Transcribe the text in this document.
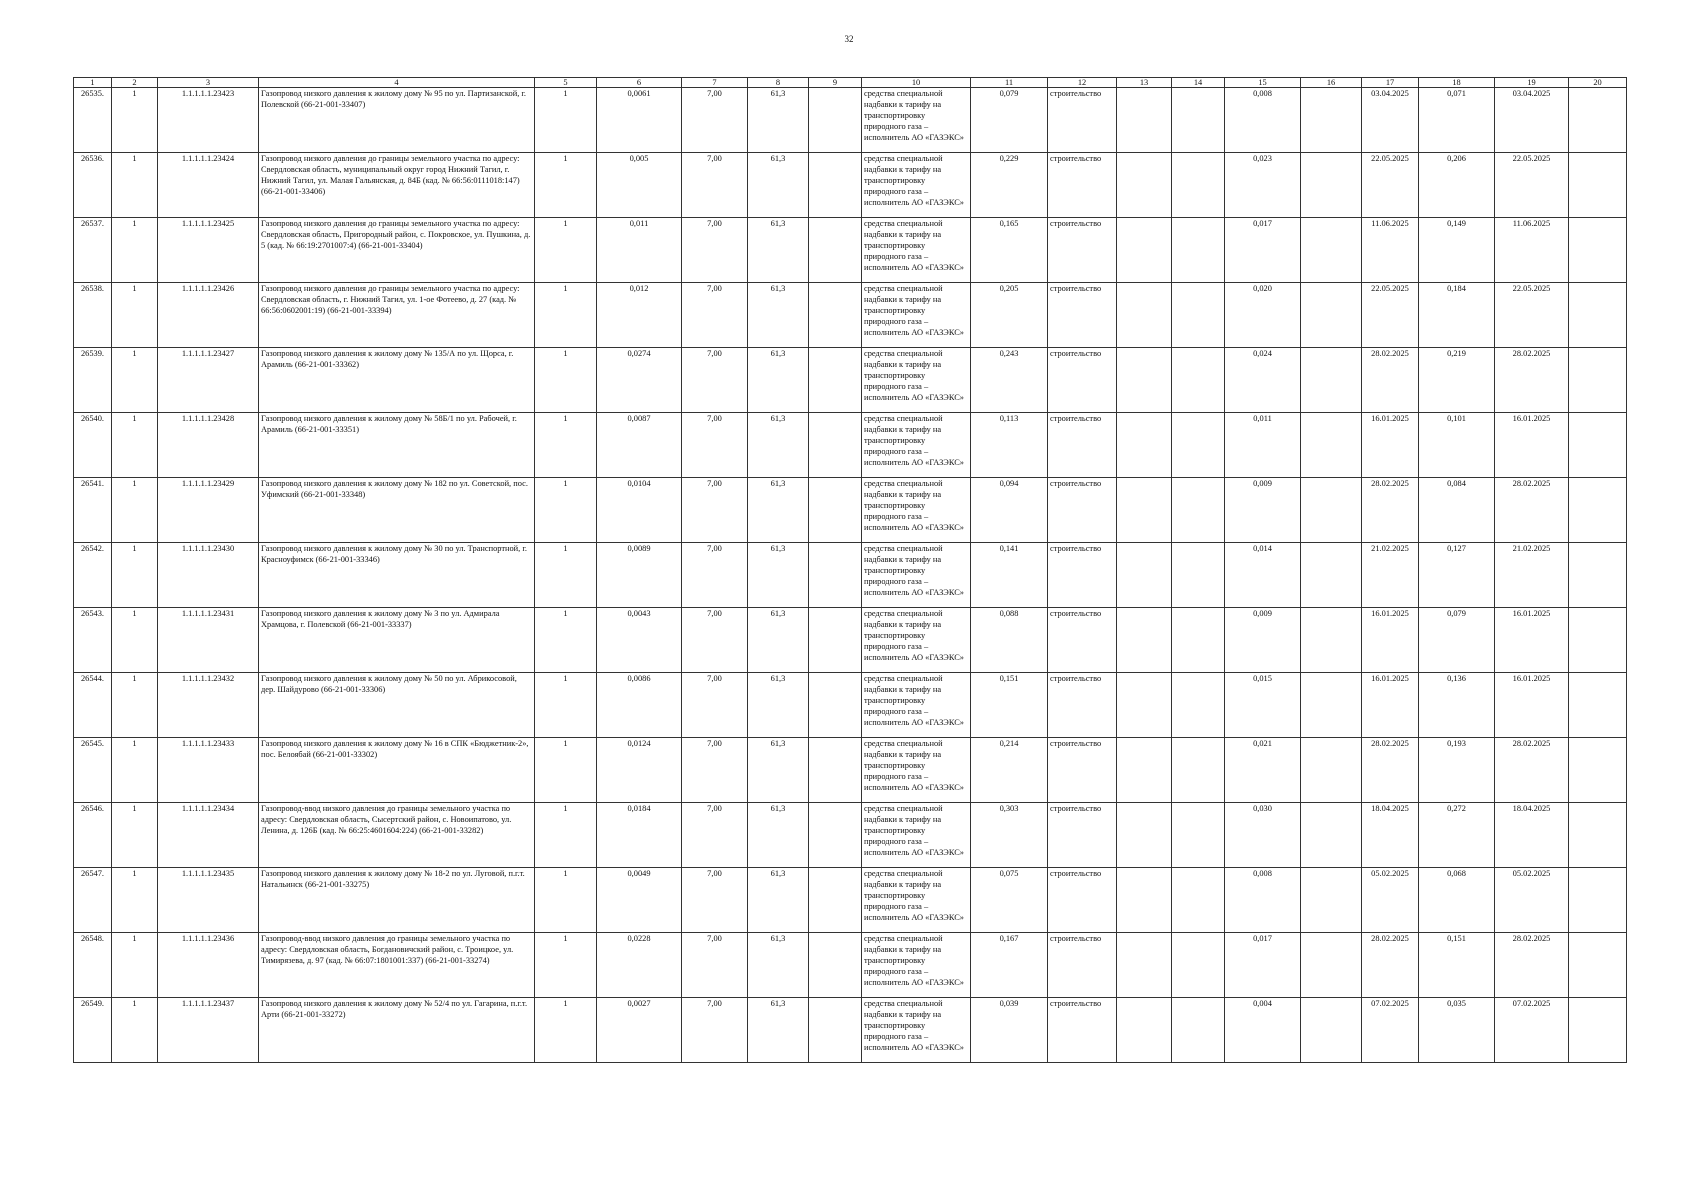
32
1	2	3	4	5	6	7	8	9	10	11	12	13	14	15	16	17	18	19	20
26535.	1	1.1.1.1.1.23423	Газопровод низкого давления к жилому дому № 95 по ул. Партизанской, г. Полевской (66-21-001-33407)	1	0,0061	7,00	61,3		средства специальной надбавки к тарифу на транспортировку природного газа – исполнитель АО «ГАЗЭКС»	0,079	строительство			0,008		03.04.2025	0,071	03.04.2025	
26536.	1	1.1.1.1.1.23424	Газопровод низкого давления до границы земельного участка по адресу: Свердловская область, муниципальный округ город Нижний Тагил, г. Нижний Тагил, ул. Малая Гальянская, д. 84Б (кад. № 66:56:0111018:147) (66-21-001-33406)	1	0,005	7,00	61,3		средства специальной надбавки к тарифу на транспортировку природного газа – исполнитель АО «ГАЗЭКС»	0,229	строительство			0,023		22.05.2025	0,206	22.05.2025	
26537.	1	1.1.1.1.1.23425	Газопровод низкого давления до границы земельного участка по адресу: Свердловская область, Пригородный район, с. Покровское, ул. Пушкина, д. 5 (кад. № 66:19:2701007:4) (66-21-001-33404)	1	0,011	7,00	61,3		средства специальной надбавки к тарифу на транспортировку природного газа – исполнитель АО «ГАЗЭКС»	0,165	строительство			0,017		11.06.2025	0,149	11.06.2025	
26538.	1	1.1.1.1.1.23426	Газопровод низкого давления до границы земельного участка по адресу: Свердловская область, г. Нижний Тагил, ул. 1-ое Фотеево, д. 27 (кад. № 66:56:0602001:19) (66-21-001-33394)	1	0,012	7,00	61,3		средства специальной надбавки к тарифу на транспортировку природного газа – исполнитель АО «ГАЗЭКС»	0,205	строительство			0,020		22.05.2025	0,184	22.05.2025	
26539.	1	1.1.1.1.1.23427	Газопровод низкого давления к жилому дому № 135/А по ул. Щорса, г. Арамиль (66-21-001-33362)	1	0,0274	7,00	61,3		средства специальной надбавки к тарифу на транспортировку природного газа – исполнитель АО «ГАЗЭКС»	0,243	строительство			0,024		28.02.2025	0,219	28.02.2025	
26540.	1	1.1.1.1.1.23428	Газопровод низкого давления к жилому дому № 58Б/1 по ул. Рабочей, г. Арамиль (66-21-001-33351)	1	0,0087	7,00	61,3		средства специальной надбавки к тарифу на транспортировку природного газа – исполнитель АО «ГАЗЭКС»	0,113	строительство			0,011		16.01.2025	0,101	16.01.2025	
26541.	1	1.1.1.1.1.23429	Газопровод низкого давления к жилому дому № 182 по ул. Советской, пос. Уфимский (66-21-001-33348)	1	0,0104	7,00	61,3		средства специальной надбавки к тарифу на транспортировку природного газа – исполнитель АО «ГАЗЭКС»	0,094	строительство			0,009		28.02.2025	0,084	28.02.2025	
26542.	1	1.1.1.1.1.23430	Газопровод низкого давления к жилому дому № 30 по ул. Транспортной, г. Красноуфимск (66-21-001-33346)	1	0,0089	7,00	61,3		средства специальной надбавки к тарифу на транспортировку природного газа – исполнитель АО «ГАЗЭКС»	0,141	строительство			0,014		21.02.2025	0,127	21.02.2025	
26543.	1	1.1.1.1.1.23431	Газопровод низкого давления к жилому дому № 3 по ул. Адмирала Храмцова, г. Полевской (66-21-001-33337)	1	0,0043	7,00	61,3		средства специальной надбавки к тарифу на транспортировку природного газа – исполнитель АО «ГАЗЭКС»	0,088	строительство			0,009		16.01.2025	0,079	16.01.2025	
26544.	1	1.1.1.1.1.23432	Газопровод низкого давления к жилому дому № 50 по ул. Абрикосовой, дер. Шайдурово (66-21-001-33306)	1	0,0086	7,00	61,3		средства специальной надбавки к тарифу на транспортировку природного газа – исполнитель АО «ГАЗЭКС»	0,151	строительство			0,015		16.01.2025	0,136	16.01.2025	
26545.	1	1.1.1.1.1.23433	Газопровод низкого давления к жилому дому № 16 в СПК «Бюджетник-2», пос. Белоябай (66-21-001-33302)	1	0,0124	7,00	61,3		средства специальной надбавки к тарифу на транспортировку природного газа – исполнитель АО «ГАЗЭКС»	0,214	строительство			0,021		28.02.2025	0,193	28.02.2025	
26546.	1	1.1.1.1.1.23434	Газопровод-ввод низкого давления до границы земельного участка по адресу: Свердловская область, Сысертский район, с. Новоипатово, ул. Ленина, д. 126Б (кад. № 66:25:4601604:224) (66-21-001-33282)	1	0,0184	7,00	61,3		средства специальной надбавки к тарифу на транспортировку природного газа – исполнитель АО «ГАЗЭКС»	0,303	строительство			0,030		18.04.2025	0,272	18.04.2025	
26547.	1	1.1.1.1.1.23435	Газопровод низкого давления к жилому дому № 18-2 по ул. Луговой, п.г.т. Натальинск (66-21-001-33275)	1	0,0049	7,00	61,3		средства специальной надбавки к тарифу на транспортировку природного газа – исполнитель АО «ГАЗЭКС»	0,075	строительство			0,008		05.02.2025	0,068	05.02.2025	
26548.	1	1.1.1.1.1.23436	Газопровод-ввод низкого давления до границы земельного участка по адресу: Свердловская область, Богдановичский район, с. Троицкое, ул. Тимирязева, д. 97 (кад. № 66:07:1801001:337) (66-21-001-33274)	1	0,0228	7,00	61,3		средства специальной надбавки к тарифу на транспортировку природного газа – исполнитель АО «ГАЗЭКС»	0,167	строительство			0,017		28.02.2025	0,151	28.02.2025	
26549.	1	1.1.1.1.1.23437	Газопровод низкого давления к жилому дому № 52/4 по ул. Гагарина, п.г.т. Арти (66-21-001-33272)	1	0,0027	7,00	61,3		средства специальной надбавки к тарифу на транспортировку природного газа – исполнитель АО «ГАЗЭКС»	0,039	строительство			0,004		07.02.2025	0,035	07.02.2025	
